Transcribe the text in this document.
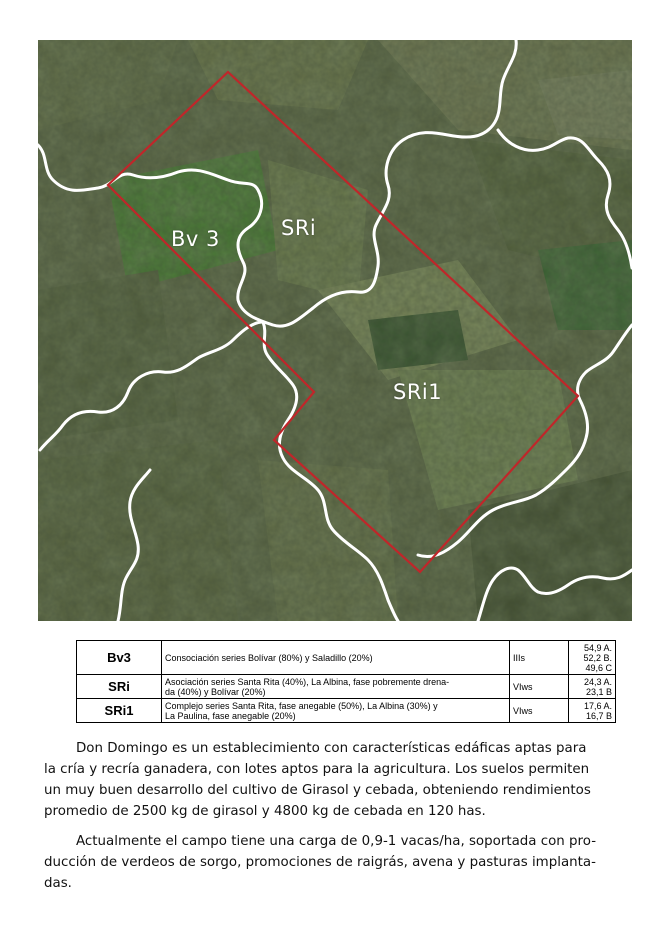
Bv 3	SRi
SRi1
Bv3	Consociación series Bolívar (80%) y Saladillo (20%)	IIIs	54,9 A.
52,2 B.
49,6 C

SRi	Asociación series Santa Rita (40%), La Albina, fase pobremente drena-
da (40%) y Bolívar (20%)	VIws	24,3 A.
23,1 B

SRi1	Complejo series Santa Rita, fase anegable (50%), La Albina (30%) y
La Paulina, fase anegable (20%)	VIws	17,6 A.
16,7 B
Don Domingo es un establecimiento con características edáficas aptas para
la cría y recría ganadera, con lotes aptos para la agricultura. Los suelos permiten
un muy buen desarrollo del cultivo de Girasol y cebada, obteniendo rendimientos
promedio de 2500 kg de girasol y 4800 kg de cebada en 120 has.
Actualmente el campo tiene una carga de 0,9-1 vacas/ha, soportada con pro-
ducción de verdeos de sorgo, promociones de raigrás, avena y pasturas implanta-
das.
